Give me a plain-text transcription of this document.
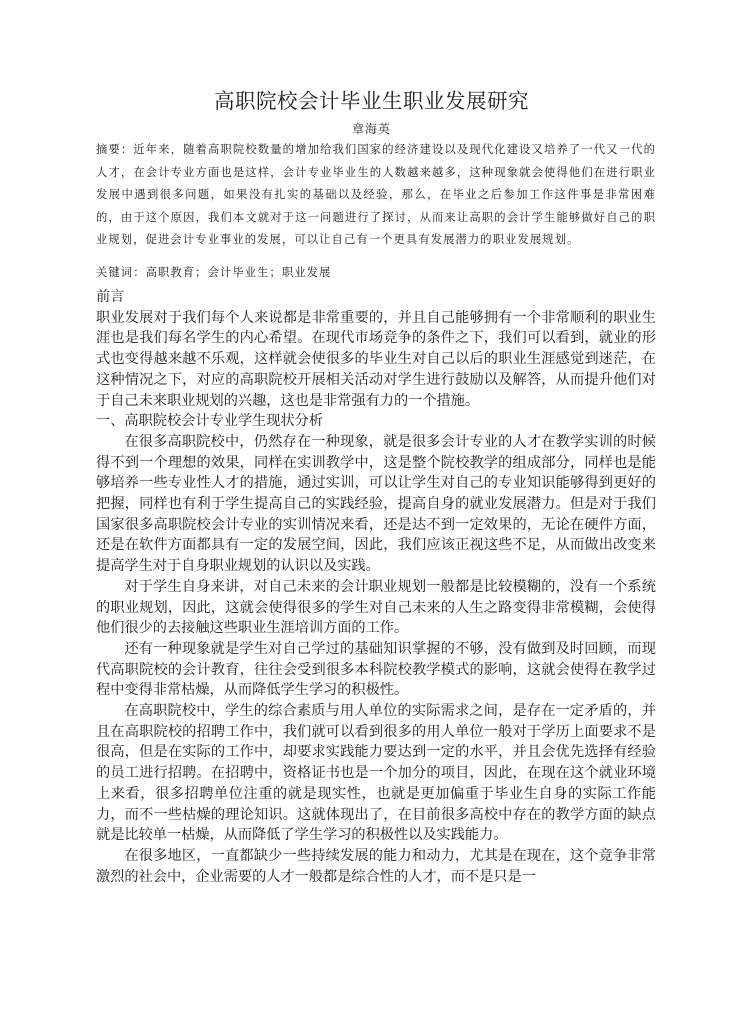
高职院校会计毕业生职业发展研究
章海英
摘要：近年来，随着高职院校数量的增加给我们国家的经济建设以及现代化建设又培养了一代又一代的人才，在会计专业方面也是这样，会计专业毕业生的人数越来越多，这种现象就会使得他们在进行职业发展中遇到很多问题，如果没有扎实的基础以及经验，那么，在毕业之后参加工作这件事是非常困难的，由于这个原因，我们本文就对于这一问题进行了探讨，从而来让高职的会计学生能够做好自己的职业规划，促进会计专业事业的发展，可以让自己有一个更具有发展潜力的职业发展规划。
关键词：高职教育；会计毕业生；职业发展

前言

职业发展对于我们每个人来说都是非常重要的，并且自己能够拥有一个非常顺利的职业生涯也是我们每名学生的内心希望。在现代市场竞争的条件之下，我们可以看到，就业的形式也变得越来越不乐观，这样就会使很多的毕业生对自己以后的职业生涯感觉到迷茫，在这种情况之下，对应的高职院校开展相关活动对学生进行鼓励以及解答，从而提升他们对于自己未来职业规划的兴趣，这也是非常强有力的一个措施。

一、高职院校会计专业学生现状分析

在很多高职院校中，仍然存在一种现象，就是很多会计专业的人才在教学实训的时候得不到一个理想的效果，同样在实训教学中，这是整个院校教学的组成部分，同样也是能够培养一些专业性人才的措施，通过实训，可以让学生对自己的专业知识能够得到更好的把握，同样也有利于学生提高自己的实践经验，提高自身的就业发展潜力。但是对于我们国家很多高职院校会计专业的实训情况来看，还是达不到一定效果的，无论在硬件方面，还是在软件方面都具有一定的发展空间，因此，我们应该正视这些不足，从而做出改变来提高学生对于自身职业规划的认识以及实践。

对于学生自身来讲，对自己未来的会计职业规划一般都是比较模糊的，没有一个系统的职业规划，因此，这就会使得很多的学生对自己未来的人生之路变得非常模糊，会使得他们很少的去接触这些职业生涯培训方面的工作。

还有一种现象就是学生对自己学过的基础知识掌握的不够，没有做到及时回顾，而现代高职院校的会计教育，往往会受到很多本科院校教学模式的影响，这就会使得在教学过程中变得非常枯燥，从而降低学生学习的积极性。

在高职院校中，学生的综合素质与用人单位的实际需求之间，是存在一定矛盾的，并且在高职院校的招聘工作中，我们就可以看到很多的用人单位一般对于学历上面要求不是很高，但是在实际的工作中，却要求实践能力要达到一定的水平，并且会优先选择有经验的员工进行招聘。在招聘中，资格证书也是一个加分的项目，因此，在现在这个就业环境上来看，很多招聘单位注重的就是现实性，也就是更加偏重于毕业生自身的实际工作能力，而不一些枯燥的理论知识。这就体现出了，在目前很多高校中存在的教学方面的缺点就是比较单一枯燥，从而降低了学生学习的积极性以及实践能力。

在很多地区，一直都缺少一些持续发展的能力和动力，尤其是在现在，这个竞争非常激烈的社会中，企业需要的人才一般都是综合性的人才，而不是只是一
